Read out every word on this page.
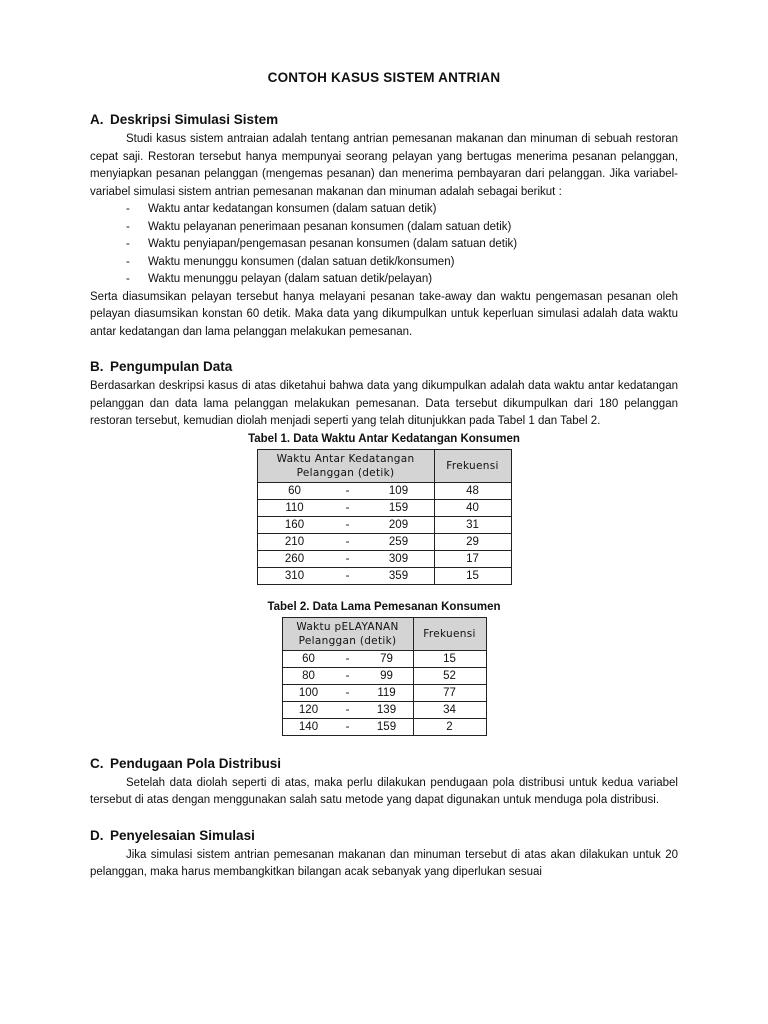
CONTOH KASUS SISTEM ANTRIAN
A. Deskripsi Simulasi Sistem

Studi kasus sistem antraian adalah tentang antrian pemesanan makanan dan minuman di sebuah restoran cepat saji. Restoran tersebut hanya mempunyai seorang pelayan yang bertugas menerima pesanan pelanggan, menyiapkan pesanan pelanggan (mengemas pesanan) dan menerima pembayaran dari pelanggan. Jika variabel-variabel simulasi sistem antrian pemesanan makanan dan minuman adalah sebagai berikut :

-	Waktu antar kedatangan konsumen (dalam satuan detik)
-	Waktu pelayanan penerimaan pesanan konsumen (dalam satuan detik)
-	Waktu penyiapan/pengemasan pesanan konsumen (dalam satuan detik)
-	Waktu menunggu konsumen (dalan satuan detik/konsumen)
-	Waktu menunggu pelayan (dalam satuan detik/pelayan)

Serta diasumsikan pelayan tersebut hanya melayani pesanan take-away dan waktu pengemasan pesanan oleh pelayan diasumsikan konstan 60 detik. Maka data yang dikumpulkan untuk keperluan simulasi adalah data waktu antar kedatangan dan lama pelanggan melakukan pemesanan.

B. Pengumpulan Data

Berdasarkan deskripsi kasus di atas diketahui bahwa data yang dikumpulkan adalah data waktu antar kedatangan pelanggan dan data lama pelanggan melakukan pemesanan. Data tersebut dikumpulkan dari 180 pelanggan restoran tersebut, kemudian diolah menjadi seperti yang telah ditunjukkan pada Tabel 1 dan Tabel 2.

Tabel 1. Data Waktu Antar Kedatangan Konsumen
Waktu Antar Kedatangan
Pelanggan (detik)			Frekuensi
60	-	109	48
110	-	159	40
160	-	209	31
210	-	259	29
260	-	309	17
310	-	359	15
Tabel 2. Data Lama Pemesanan Konsumen
Waktu pELAYANAN
Pelanggan (detik)			Frekuensi
60	-	79	15
80	-	99	52
100	-	119	77
120	-	139	34
140	-	159	2
C. Pendugaan Pola Distribusi

Setelah data diolah seperti di atas, maka perlu dilakukan pendugaan pola distribusi untuk kedua variabel tersebut di atas dengan menggunakan salah satu metode yang dapat digunakan untuk menduga pola distribusi.

D. Penyelesaian Simulasi

Jika simulasi sistem antrian pemesanan makanan dan minuman tersebut di atas akan dilakukan untuk 20 pelanggan, maka harus membangkitkan bilangan acak sebanyak yang diperlukan sesuai
